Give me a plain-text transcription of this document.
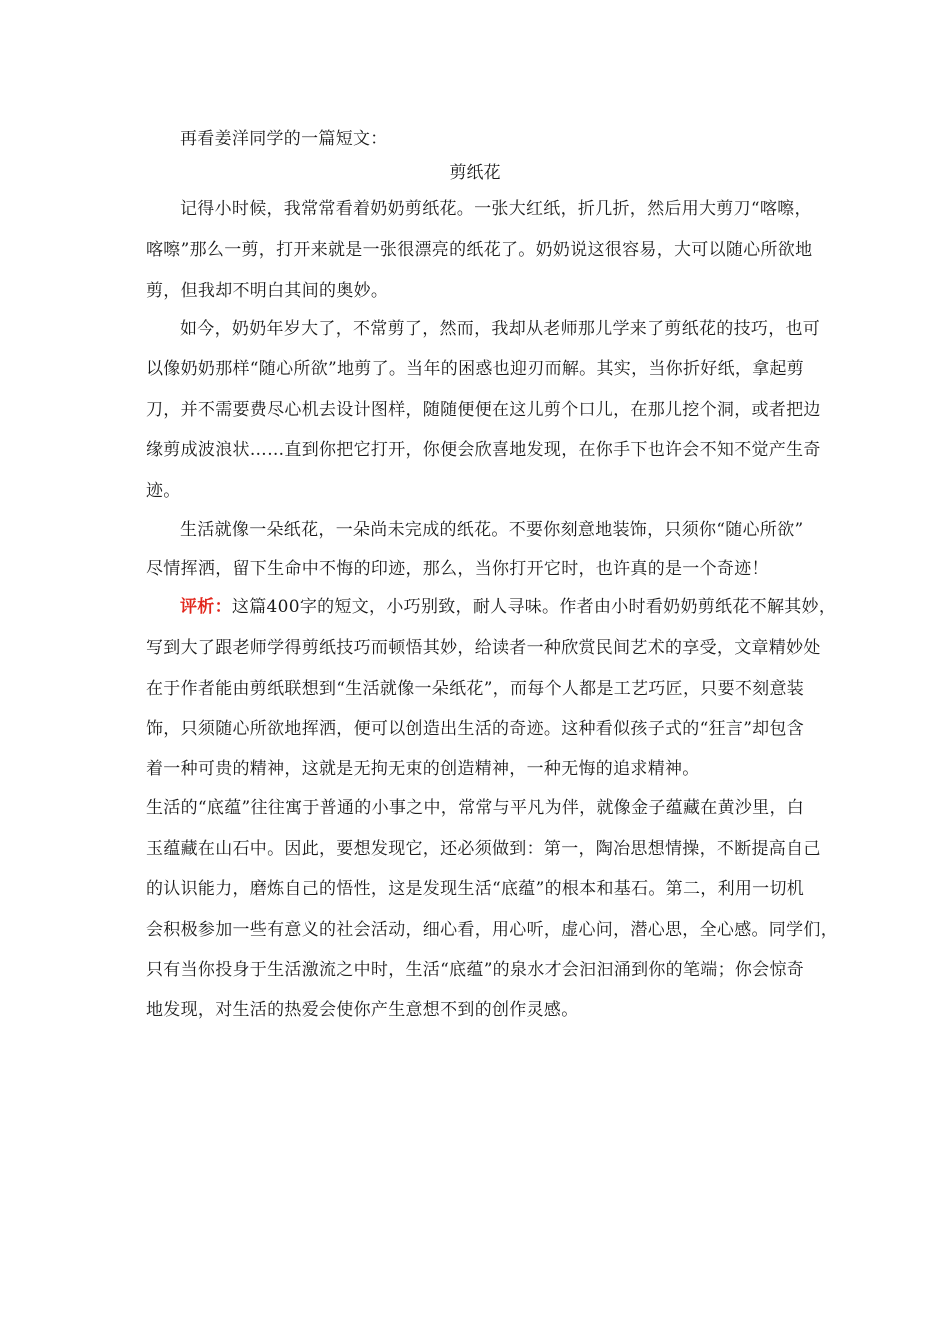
再看姜洋同学的一篇短文：
剪纸花
记得小时候，我常常看着奶奶剪纸花。一张大红纸，折几折，然后用大剪刀“喀嚓，
喀嚓”那么一剪，打开来就是一张很漂亮的纸花了。奶奶说这很容易，大可以随心所欲地
剪，但我却不明白其间的奥妙。
如今，奶奶年岁大了，不常剪了，然而，我却从老师那儿学来了剪纸花的技巧，也可
以像奶奶那样“随心所欲”地剪了。当年的困惑也迎刃而解。其实，当你折好纸，拿起剪
刀，并不需要费尽心机去设计图样，随随便便在这儿剪个口儿，在那儿挖个洞，或者把边
缘剪成波浪状……直到你把它打开，你便会欣喜地发现，在你手下也许会不知不觉产生奇
迹。
生活就像一朵纸花，一朵尚未完成的纸花。不要你刻意地装饰，只须你“随心所欲”
尽情挥洒，留下生命中不悔的印迹，那么，当你打开它时，也许真的是一个奇迹！
评析：这篇400字的短文，小巧别致，耐人寻味。作者由小时看奶奶剪纸花不解其妙，
写到大了跟老师学得剪纸技巧而顿悟其妙，给读者一种欣赏民间艺术的享受，文章精妙处
在于作者能由剪纸联想到“生活就像一朵纸花”，而每个人都是工艺巧匠，只要不刻意装
饰，只须随心所欲地挥洒，便可以创造出生活的奇迹。这种看似孩子式的“狂言”却包含
着一种可贵的精神，这就是无拘无束的创造精神，一种无悔的追求精神。
生活的“底蕴”往往寓于普通的小事之中，常常与平凡为伴，就像金子蕴藏在黄沙里，白
玉蕴藏在山石中。因此，要想发现它，还必须做到：第一，陶冶思想情操，不断提高自己
的认识能力，磨炼自己的悟性，这是发现生活“底蕴”的根本和基石。第二，利用一切机
会积极参加一些有意义的社会活动，细心看，用心听，虚心问，潜心思，全心感。同学们，
只有当你投身于生活激流之中时，生活“底蕴”的泉水才会汩汩涌到你的笔端；你会惊奇
地发现，对生活的热爱会使你产生意想不到的创作灵感。
